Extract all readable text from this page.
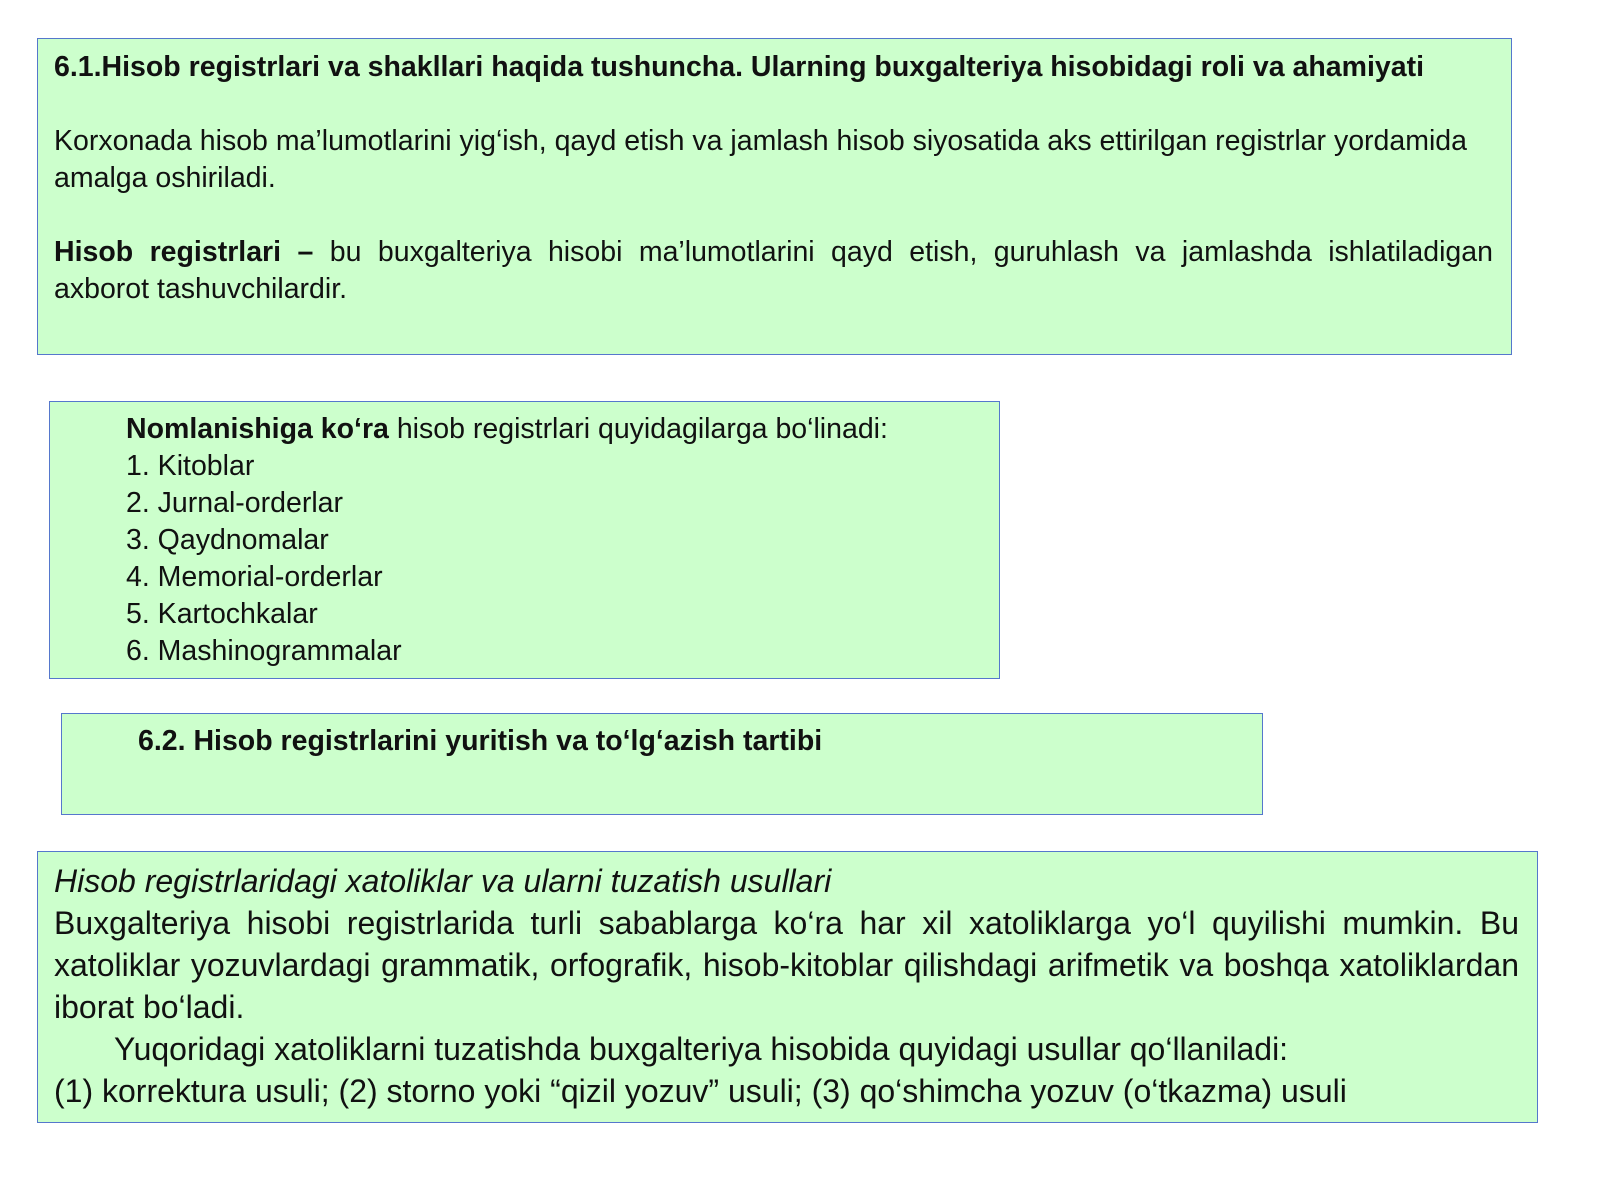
6.1.Hisob registrlari va shakllari haqida tushuncha. Ularning buxgalteriya hisobidagi roli va ahamiyati

Korxonada hisob ma’lumotlarini yig‘ish, qayd etish va jamlash hisob siyosatida aks ettirilgan registrlar yordamida amalga oshiriladi.

Hisob registrlari – bu buxgalteriya hisobi ma’lumotlarini qayd etish, guruhlash va jamlashda ishlatiladigan axborot tashuvchilardir.

Nomlanishiga ko‘ra hisob registrlari quyidagilarga bo‘linadi:

1. Kitoblar
2. Jurnal-orderlar
3. Qaydnomalar
4. Memorial-orderlar
5. Kartochkalar
6. Mashinogrammalar

6.2. Hisob registrlarini yuritish va to‘lg‘azish tartibi

Hisob registrlaridagi xatoliklar va ularni tuzatish usullari

Buxgalteriya hisobi registrlarida turli sabablarga ko‘ra har xil xatoliklarga yo‘l quyilishi mumkin. Bu xatoliklar yozuvlardagi grammatik, orfografik, hisob-kitoblar qilishdagi arifmetik va boshqa xatoliklardan iborat bo‘ladi.

Yuqoridagi xatoliklarni tuzatishda buxgalteriya hisobida quyidagi usullar qo‘llaniladi:

(1) korrektura usuli; (2) storno yoki “qizil yozuv” usuli; (3) qo‘shimcha yozuv (o‘tkazma) usuli
